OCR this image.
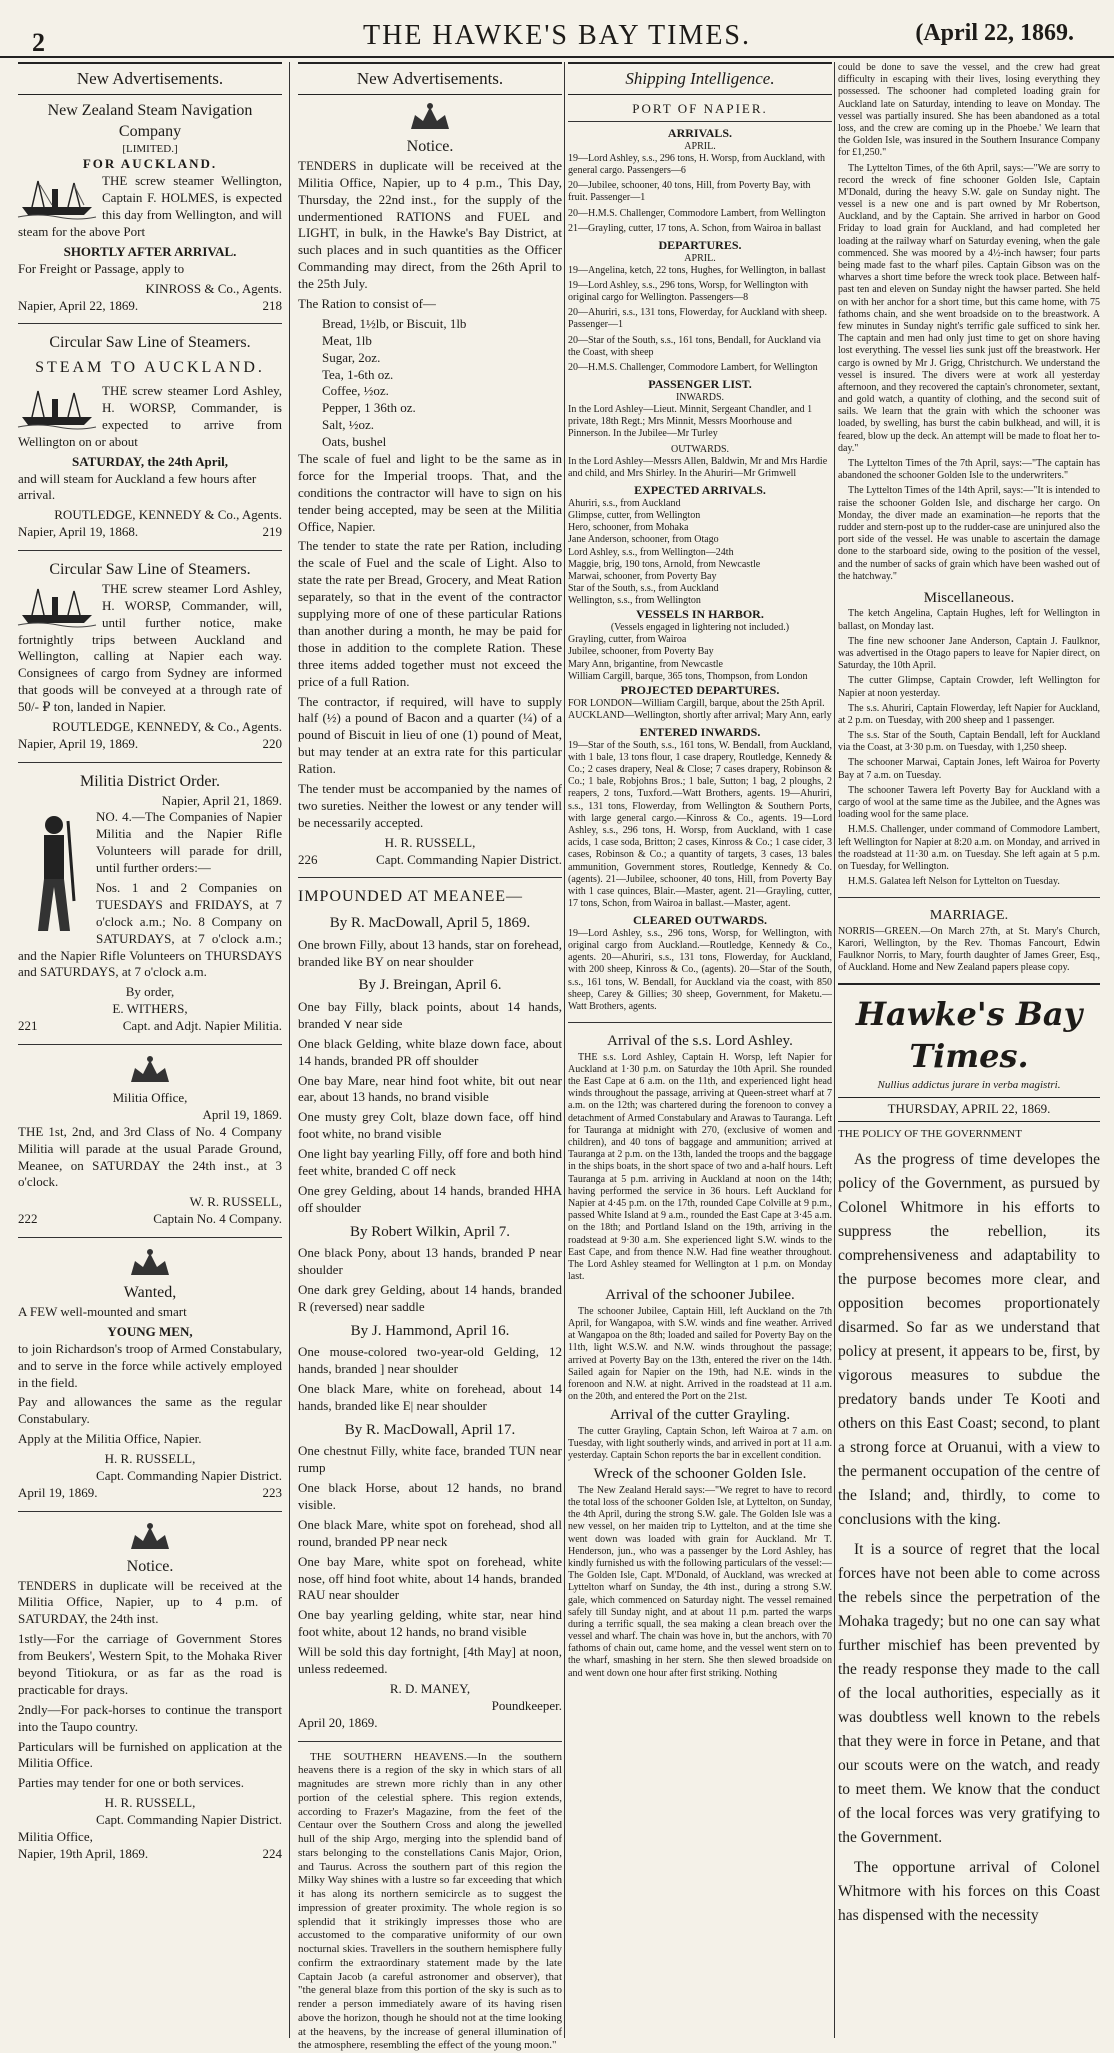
2	THE HAWKE'S BAY TIMES.	(April 22, 1869.
New Advertisements.
New Zealand Steam Navigation Company
[LIMITED.]
FOR AUCKLAND.

THE screw steamer Wellington, Captain F. HOLMES, is expected this day from Wellington, and will steam for the above Port

SHORTLY AFTER ARRIVAL.

For Freight or Passage, apply to

KINROSS & Co., Agents.
Napier, April 22, 1869.	218
Circular Saw Line of Steamers.
STEAM TO AUCKLAND.

THE screw steamer Lord Ashley, H. WORSP, Commander, is expected to arrive from Wellington on or about

SATURDAY, the 24th April,

and will steam for Auckland a few hours after arrival.

ROUTLEDGE, KENNEDY & Co., Agents.
Napier, April 19, 1868.	219
Circular Saw Line of Steamers.

THE screw steamer Lord Ashley, H. WORSP, Commander, will, until further notice, make fortnightly trips between Auckland and Wellington, calling at Napier each way. Consignees of cargo from Sydney are informed that goods will be conveyed at a through rate of 50/- ₽ ton, landed in Napier.

ROUTLEDGE, KENNEDY, & Co., Agents.
Napier, April 19, 1869.	220
Militia District Order.
Napier, April 21, 1869.

NO. 4.—The Companies of Napier Militia and the Napier Rifle Volunteers will parade for drill, until further orders:—

Nos. 1 and 2 Companies on TUESDAYS and FRIDAYS, at 7 o'clock a.m.; No. 8 Company on SATURDAYS, at 7 o'clock a.m.; and the Napier Rifle Volunteers on THURSDAYS and SATURDAYS, at 7 o'clock a.m.

By order,
E. WITHERS,
221	Capt. and Adjt. Napier Militia.
Militia Office,
April 19, 1869.

THE 1st, 2nd, and 3rd Class of No. 4 Company Militia will parade at the usual Parade Ground, Meanee, on SATURDAY the 24th inst., at 3 o'clock.

W. R. RUSSELL,
222	Captain No. 4 Company.
Wanted,

A FEW well-mounted and smart

YOUNG MEN,

to join Richardson's troop of Armed Constabulary, and to serve in the force while actively employed in the field.

Pay and allowances the same as the regular Constabulary.

Apply at the Militia Office, Napier.

H. R. RUSSELL,
Capt. Commanding Napier District.
April 19, 1869.	223
Notice.

TENDERS in duplicate will be received at the Militia Office, Napier, up to 4 p.m. of SATURDAY, the 24th inst.

1stly—For the carriage of Government Stores from Beukers', Western Spit, to the Mohaka River beyond Titiokura, or as far as the road is practicable for drays.

2ndly—For pack-horses to continue the transport into the Taupo country.

Particulars will be furnished on application at the Militia Office.

Parties may tender for one or both services.

H. R. RUSSELL,
Capt. Commanding Napier District.
Militia Office,
Napier, 19th April, 1869.	224
New Advertisements.
Notice.

TENDERS in duplicate will be received at the Militia Office, Napier, up to 4 p.m., This Day, Thursday, the 22nd inst., for the supply of the undermentioned RATIONS and FUEL and LIGHT, in bulk, in the Hawke's Bay District, at such places and in such quantities as the Officer Commanding may direct, from the 26th April to the 25th July.

The Ration to consist of—

Bread, 1½lb, or Biscuit, 1lb
Meat, 1lb
Sugar, 2oz.
Tea, 1-6th oz.
Coffee, ½oz.
Pepper, 1 36th oz.
Salt, ½oz.
Oats, bushel

The scale of fuel and light to be the same as in force for the Imperial troops. That, and the conditions the contractor will have to sign on his tender being accepted, may be seen at the Militia Office, Napier.

The tender to state the rate per Ration, including the scale of Fuel and the scale of Light. Also to state the rate per Bread, Grocery, and Meat Ration separately, so that in the event of the contractor supplying more of one of these particular Rations than another during a month, he may be paid for those in addition to the complete Ration. These three items added together must not exceed the price of a full Ration.

The contractor, if required, will have to supply half (½) a pound of Bacon and a quarter (¼) of a pound of Biscuit in lieu of one (1) pound of Meat, but may tender at an extra rate for this particular Ration.

The tender must be accompanied by the names of two sureties. Neither the lowest or any tender will be necessarily accepted.

H. R. RUSSELL,
226	Capt. Commanding Napier District.
IMPOUNDED AT MEANEE—
By R. MacDowall, April 5, 1869.

One brown Filly, about 13 hands, star on forehead, branded like BY on near shoulder

By J. Breingan, April 6.

One bay Filly, black points, about 14 hands, branded ⋎ near side

One black Gelding, white blaze down face, about 14 hands, branded PR off shoulder

One bay Mare, near hind foot white, bit out near ear, about 13 hands, no brand visible

One musty grey Colt, blaze down face, off hind foot white, no brand visible

One light bay yearling Filly, off fore and both hind feet white, branded C off neck

One grey Gelding, about 14 hands, branded HHA off shoulder

By Robert Wilkin, April 7.

One black Pony, about 13 hands, branded P near shoulder

One dark grey Gelding, about 14 hands, branded R (reversed) near saddle

By J. Hammond, April 16.

One mouse-colored two-year-old Gelding, 12 hands, branded ] near shoulder

One black Mare, white on forehead, about 14 hands, branded like E| near shoulder

By R. MacDowall, April 17.

One chestnut Filly, white face, branded TUN near rump

One black Horse, about 12 hands, no brand visible.

One black Mare, white spot on forehead, shod all round, branded PP near neck

One bay Mare, white spot on forehead, white nose, off hind foot white, about 14 hands, branded RAU near shoulder

One bay yearling gelding, white star, near hind foot white, about 12 hands, no brand visible

Will be sold this day fortnight, [4th May] at noon, unless redeemed.

R. D. MANEY,
Poundkeeper.
April 20, 1869.

THE SOUTHERN HEAVENS.—In the southern heavens there is a region of the sky in which stars of all magnitudes are strewn more richly than in any other portion of the celestial sphere. This region extends, according to Frazer's Magazine, from the feet of the Centaur over the Southern Cross and along the jewelled hull of the ship Argo, merging into the splendid band of stars belonging to the constellations Canis Major, Orion, and Taurus. Across the southern part of this region the Milky Way shines with a lustre so far exceeding that which it has along its northern semicircle as to suggest the impression of greater proximity. The whole region is so splendid that it strikingly impresses those who are accustomed to the comparative uniformity of our own nocturnal skies. Travellers in the southern hemisphere fully confirm the extraordinary statement made by the late Captain Jacob (a careful astronomer and observer), that "the general blaze from this portion of the sky is such as to render a person immediately aware of its having risen above the horizon, though he should not at the time looking at the heavens, by the increase of general illumination of the atmosphere, resembling the effect of the young moon."

Shipping Intelligence.
PORT OF NAPIER.
ARRIVALS.
APRIL.

19—Lord Ashley, s.s., 296 tons, H. Worsp, from Auckland, with general cargo. Passengers—6

20—Jubilee, schooner, 40 tons, Hill, from Poverty Bay, with fruit. Passenger—1

20—H.M.S. Challenger, Commodore Lambert, from Wellington

21—Grayling, cutter, 17 tons, A. Schon, from Wairoa in ballast

DEPARTURES.
APRIL.

19—Angelina, ketch, 22 tons, Hughes, for Wellington, in ballast

19—Lord Ashley, s.s., 296 tons, Worsp, for Wellington with original cargo for Wellington. Passengers—8

20—Ahuriri, s.s., 131 tons, Flowerday, for Auckland with sheep. Passenger—1

20—Star of the South, s.s., 161 tons, Bendall, for Auckland via the Coast, with sheep

20—H.M.S. Challenger, Commodore Lambert, for Wellington

PASSENGER LIST.
INWARDS.

In the Lord Ashley—Lieut. Minnit, Sergeant Chandler, and 1 private, 18th Regt.; Mrs Minnit, Messrs Moorhouse and Pinnerson. In the Jubilee—Mr Turley

OUTWARDS.

In the Lord Ashley—Messrs Allen, Baldwin, Mr and Mrs Hardie and child, and Mrs Shirley. In the Ahuriri—Mr Grimwell

EXPECTED ARRIVALS.
Ahuriri, s.s., from Auckland
Glimpse, cutter, from Wellington
Hero, schooner, from Mohaka
Jane Anderson, schooner, from Otago
Lord Ashley, s.s., from Wellington—24th
Maggie, brig, 190 tons, Arnold, from Newcastle
Marwai, schooner, from Poverty Bay
Star of the South, s.s., from Auckland
Wellington, s.s., from Wellington
VESSELS IN HARBOR.
(Vessels engaged in lightering not included.)
Grayling, cutter, from Wairoa
Jubilee, schooner, from Poverty Bay
Mary Ann, brigantine, from Newcastle
William Cargill, barque, 365 tons, Thompson, from London
PROJECTED DEPARTURES.

FOR LONDON—William Cargill, barque, about the 25th April. AUCKLAND—Wellington, shortly after arrival; Mary Ann, early

ENTERED INWARDS.

19—Star of the South, s.s., 161 tons, W. Bendall, from Auckland, with 1 bale, 13 tons flour, 1 case drapery, Routledge, Kennedy & Co.; 2 cases drapery, Neal & Close; 7 cases drapery, Robinson & Co.; 1 bale, Robjohns Bros.; 1 bale, Sutton; 1 bag, 2 ploughs, 2 reapers, 2 tons, Tuxford.—Watt Brothers, agents. 19—Ahuriri, s.s., 131 tons, Flowerday, from Wellington & Southern Ports, with large general cargo.—Kinross & Co., agents. 19—Lord Ashley, s.s., 296 tons, H. Worsp, from Auckland, with 1 case acids, 1 case soda, Britton; 2 cases, Kinross & Co.; 1 case cider, 3 cases, Robinson & Co.; a quantity of targets, 3 cases, 13 bales ammunition, Government stores, Routledge, Kennedy & Co. (agents). 21—Jubilee, schooner, 40 tons, Hill, from Poverty Bay with 1 case quinces, Blair.—Master, agent. 21—Grayling, cutter, 17 tons, Schon, from Wairoa in ballast.—Master, agent.

CLEARED OUTWARDS.

19—Lord Ashley, s.s., 296 tons, Worsp, for Wellington, with original cargo from Auckland.—Routledge, Kennedy & Co., agents. 20—Ahuriri, s.s., 131 tons, Flowerday, for Auckland, with 200 sheep, Kinross & Co., (agents). 20—Star of the South, s.s., 161 tons, W. Bendall, for Auckland via the coast, with 850 sheep, Carey & Gillies; 30 sheep, Government, for Maketu.—Watt Brothers, agents.

Arrival of the s.s. Lord Ashley.

THE s.s. Lord Ashley, Captain H. Worsp, left Napier for Auckland at 1·30 p.m. on Saturday the 10th April. She rounded the East Cape at 6 a.m. on the 11th, and experienced light head winds throughout the passage, arriving at Queen-street wharf at 7 a.m. on the 12th; was chartered during the forenoon to convey a detachment of Armed Constabulary and Arawas to Tauranga. Left for Tauranga at midnight with 270, (exclusive of women and children), and 40 tons of baggage and ammunition; arrived at Tauranga at 2 p.m. on the 13th, landed the troops and the baggage in the ships boats, in the short space of two and a-half hours. Left Tauranga at 5 p.m. arriving in Auckland at noon on the 14th; having performed the service in 36 hours. Left Auckland for Napier at 4·45 p.m. on the 17th, rounded Cape Colville at 9 p.m., passed White Island at 9 a.m., rounded the East Cape at 3·45 a.m. on the 18th; and Portland Island on the 19th, arriving in the roadstead at 9·30 a.m. She experienced light S.W. winds to the East Cape, and from thence N.W. Had fine weather throughout. The Lord Ashley steamed for Wellington at 1 p.m. on Monday last.

Arrival of the schooner Jubilee.

The schooner Jubilee, Captain Hill, left Auckland on the 7th April, for Wangapoa, with S.W. winds and fine weather. Arrived at Wangapoa on the 8th; loaded and sailed for Poverty Bay on the 11th, light W.S.W. and N.W. winds throughout the passage; arrived at Poverty Bay on the 13th, entered the river on the 14th. Sailed again for Napier on the 19th, had N.E. winds in the forenoon and N.W. at night. Arrived in the roadstead at 11 a.m. on the 20th, and entered the Port on the 21st.

Arrival of the cutter Grayling.

The cutter Grayling, Captain Schon, left Wairoa at 7 a.m. on Tuesday, with light southerly winds, and arrived in port at 11 a.m. yesterday. Captain Schon reports the bar in excellent condition.

Wreck of the schooner Golden Isle.

The New Zealand Herald says:—"We regret to have to record the total loss of the schooner Golden Isle, at Lyttelton, on Sunday, the 4th April, during the strong S.W. gale. The Golden Isle was a new vessel, on her maiden trip to Lyttelton, and at the time she went down was loaded with grain for Auckland. Mr T. Henderson, jun., who was a passenger by the Lord Ashley, has kindly furnished us with the following particulars of the vessel:—The Golden Isle, Capt. M'Donald, of Auckland, was wrecked at Lyttelton wharf on Sunday, the 4th inst., during a strong S.W. gale, which commenced on Saturday night. The vessel remained safely till Sunday night, and at about 11 p.m. parted the warps during a terrific squall, the sea making a clean breach over the vessel and wharf. The chain was hove in, but the anchors, with 70 fathoms of chain out, came home, and the vessel went stern on to the wharf, smashing in her stern. She then slewed broadside on and went down one hour after first striking. Nothing

could be done to save the vessel, and the crew had great difficulty in escaping with their lives, losing everything they possessed. The schooner had completed loading grain for Auckland late on Saturday, intending to leave on Monday. The vessel was partially insured. She has been abandoned as a total loss, and the crew are coming up in the Phoebe.' We learn that the Golden Isle, was insured in the Southern Insurance Company for £1,250."

The Lyttelton Times, of the 6th April, says:—"We are sorry to record the wreck of fine schooner Golden Isle, Captain M'Donald, during the heavy S.W. gale on Sunday night. The vessel is a new one and is part owned by Mr Robertson, Auckland, and by the Captain. She arrived in harbor on Good Friday to load grain for Auckland, and had completed her loading at the railway wharf on Saturday evening, when the gale commenced. She was moored by a 4½-inch hawser; four parts being made fast to the wharf piles. Captain Gibson was on the wharves a short time before the wreck took place. Between half-past ten and eleven on Sunday night the hawser parted. She held on with her anchor for a short time, but this came home, with 75 fathoms chain, and she went broadside on to the breastwork. A few minutes in Sunday night's terrific gale sufficed to sink her. The captain and men had only just time to get on shore having lost everything. The vessel lies sunk just off the breastwork. Her cargo is owned by Mr J. Grigg, Christchurch. We understand the vessel is insured. The divers were at work all yesterday afternoon, and they recovered the captain's chronometer, sextant, and gold watch, a quantity of clothing, and the second suit of sails. We learn that the grain with which the schooner was loaded, by swelling, has burst the cabin bulkhead, and will, it is feared, blow up the deck. An attempt will be made to float her to-day."

The Lyttelton Times of the 7th April, says:—"The captain has abandoned the schooner Golden Isle to the underwriters."

The Lyttelton Times of the 14th April, says:—"It is intended to raise the schooner Golden Isle, and discharge her cargo. On Monday, the diver made an examination—he reports that the rudder and stern-post up to the rudder-case are uninjured also the port side of the vessel. He was unable to ascertain the damage done to the starboard side, owing to the position of the vessel, and the number of sacks of grain which have been washed out of the hatchway."

Miscellaneous.

The ketch Angelina, Captain Hughes, left for Wellington in ballast, on Monday last.

The fine new schooner Jane Anderson, Captain J. Faulknor, was advertised in the Otago papers to leave for Napier direct, on Saturday, the 10th April.

The cutter Glimpse, Captain Crowder, left Wellington for Napier at noon yesterday.

The s.s. Ahuriri, Captain Flowerday, left Napier for Auckland, at 2 p.m. on Tuesday, with 200 sheep and 1 passenger.

The s.s. Star of the South, Captain Bendall, left for Auckland via the Coast, at 3·30 p.m. on Tuesday, with 1,250 sheep.

The schooner Marwai, Captain Jones, left Wairoa for Poverty Bay at 7 a.m. on Tuesday.

The schooner Tawera left Poverty Bay for Auckland with a cargo of wool at the same time as the Jubilee, and the Agnes was loading wool for the same place.

H.M.S. Challenger, under command of Commodore Lambert, left Wellington for Napier at 8:20 a.m. on Monday, and arrived in the roadstead at 11·30 a.m. on Tuesday. She left again at 5 p.m. on Tuesday, for Wellington.

H.M.S. Galatea left Nelson for Lyttelton on Tuesday.

MARRIAGE.

NORRIS—GREEN.—On March 27th, at St. Mary's Church, Karori, Wellington, by the Rev. Thomas Fancourt, Edwin Faulknor Norris, to Mary, fourth daughter of James Greer, Esq., of Auckland. Home and New Zealand papers please copy.

Hawke's Bay Times.
Nullius addictus jurare in verba magistri.
THURSDAY, APRIL 22, 1869.
THE POLICY OF THE GOVERNMENT

As the progress of time developes the policy of the Government, as pursued by Colonel Whitmore in his efforts to suppress the rebellion, its comprehensiveness and adaptability to the purpose becomes more clear, and opposition becomes proportionately disarmed. So far as we understand that policy at present, it appears to be, first, by vigorous measures to subdue the predatory bands under Te Kooti and others on this East Coast; second, to plant a strong force at Oruanui, with a view to the permanent occupation of the centre of the Island; and, thirdly, to come to conclusions with the king.

It is a source of regret that the local forces have not been able to come across the rebels since the perpetration of the Mohaka tragedy; but no one can say what further mischief has been prevented by the ready response they made to the call of the local authorities, especially as it was doubtless well known to the rebels that they were in force in Petane, and that our scouts were on the watch, and ready to meet them. We know that the conduct of the local forces was very gratifying to the Government.

The opportune arrival of Colonel Whitmore with his forces on this Coast has dispensed with the necessity
